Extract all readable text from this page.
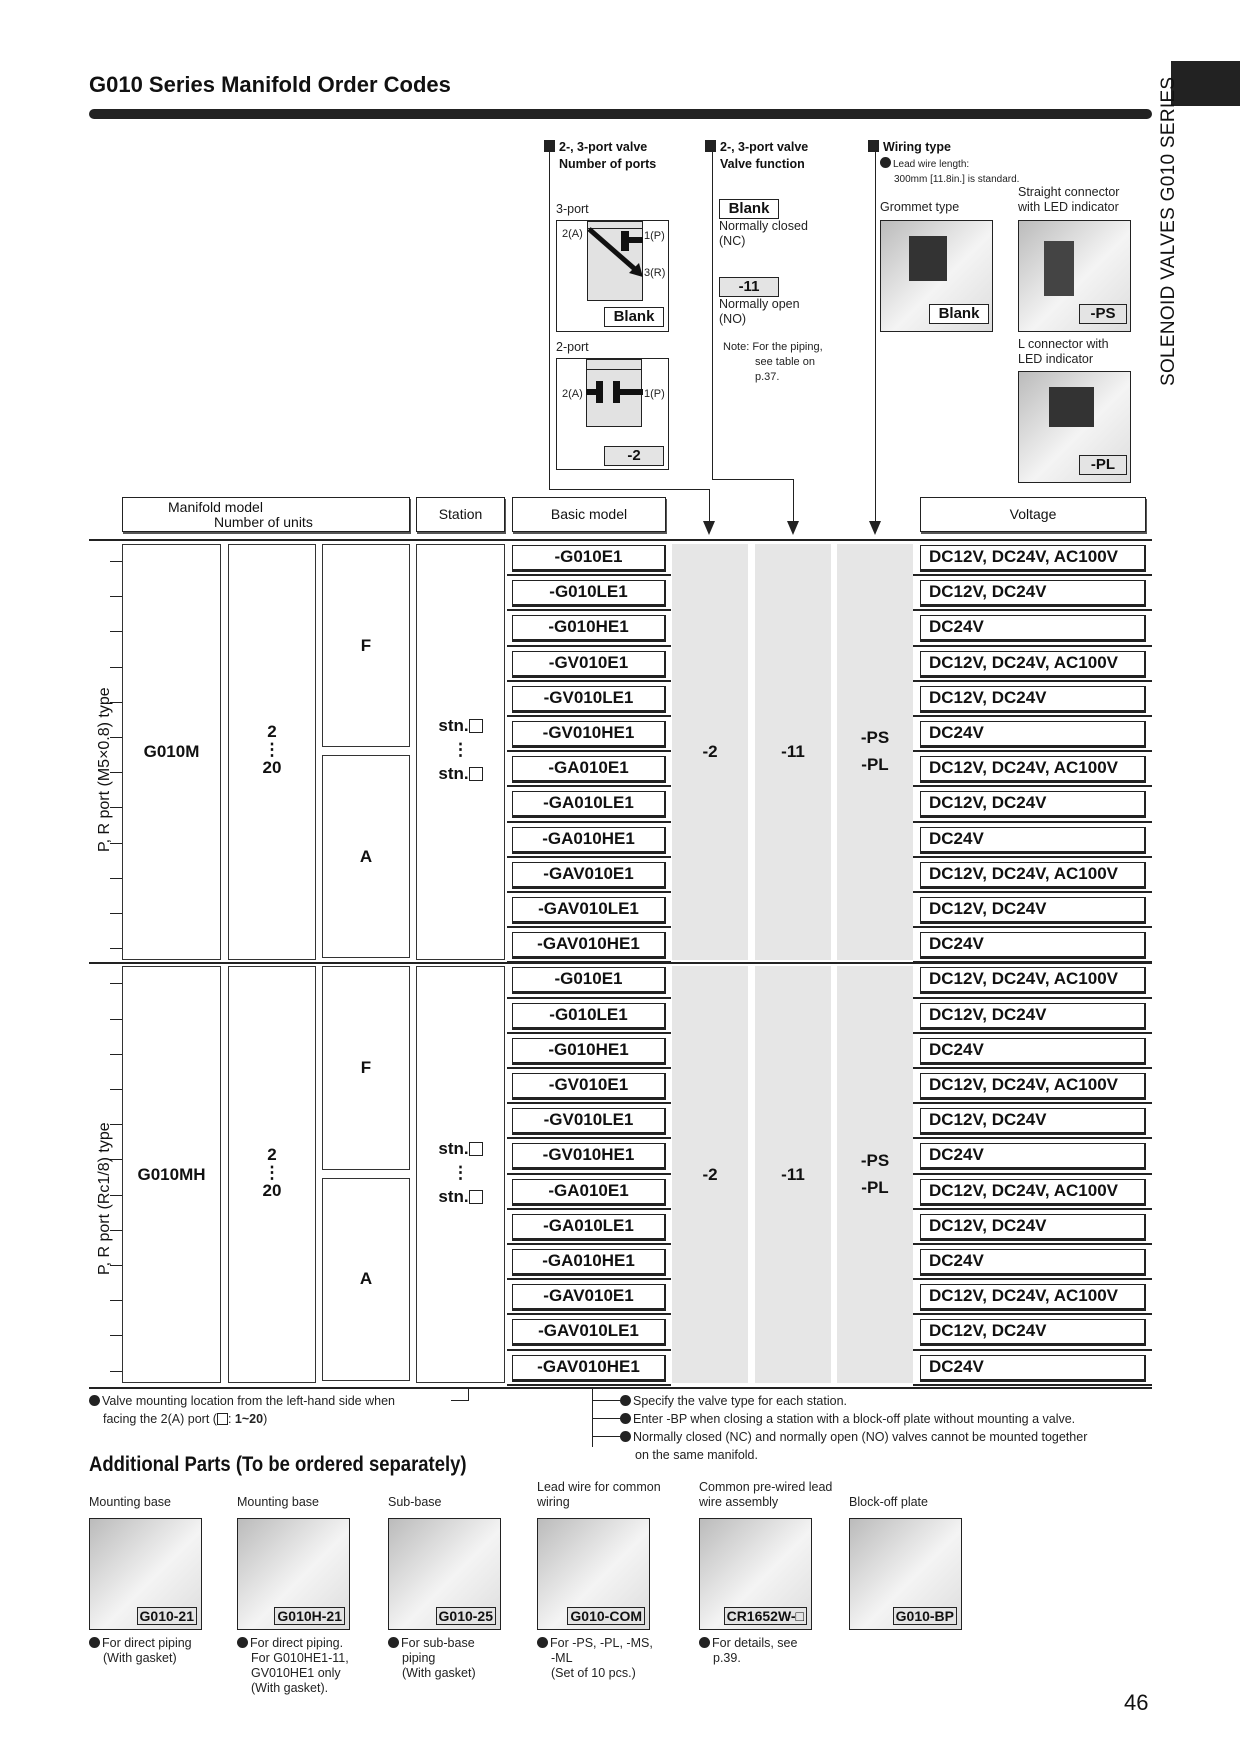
G010 Series Manifold Order Codes	SOLENOID VALVES G010 SERIES
2-, 3-port valve
Number of ports
3-port
2(A)	1(P)
3(R)
Blank
2-port
2(A)	1(P)
-2
2-, 3-port valve
Valve function
Blank
Normally closed
(NC)
-11
Normally open
(NO)
Note: For the piping,
see table on
p.37.
Wiring type
Lead wire length:
300mm [11.8in.] is standard.
Grommet type
Straight connector
with LED indicator
Blank	-PS
L connector with
LED indicator
-PL
Manifold model
Number of units	Station	Basic model	Voltage
P, R port (M5×0.8) type	G010M
2
⋮
20
F
A
stn.
⋮
stn.
-2	-11
-PS
-PL
-G010E1	DC12V, DC24V, AC100V
-G010LE1	DC12V, DC24V
-G010HE1	DC24V
-GV010E1	DC12V, DC24V, AC100V
-GV010LE1	DC12V, DC24V
-GV010HE1	DC24V
-GA010E1	DC12V, DC24V, AC100V
-GA010LE1	DC12V, DC24V
-GA010HE1	DC24V
-GAV010E1	DC12V, DC24V, AC100V
-GAV010LE1	DC12V, DC24V
-GAV010HE1	DC24V
P, R port (Rc1/8) type	G010MH
2
⋮
20
F
A
stn.
⋮
stn.
-2	-11
-PS
-PL
-G010E1	DC12V, DC24V, AC100V
-G010LE1	DC12V, DC24V
-G010HE1	DC24V
-GV010E1	DC12V, DC24V, AC100V
-GV010LE1	DC12V, DC24V
-GV010HE1	DC24V
-GA010E1	DC12V, DC24V, AC100V
-GA010LE1	DC12V, DC24V
-GA010HE1	DC24V
-GAV010E1	DC12V, DC24V, AC100V
-GAV010LE1	DC12V, DC24V
-GAV010HE1	DC24V
Valve mounting location from the left-hand side when
facing the 2(A) port ( : 1~20)
Specify the valve type for each station.
Enter -BP when closing a station with a block-off plate without mounting a valve.
Normally closed (NC) and normally open (NO) valves cannot be mounted together
on the same manifold.
Additional Parts (To be ordered separately)

Mounting base
G010-21
For direct piping
(With gasket)

Mounting base
G010H-21
For direct piping.
For G010HE1-11,
GV010HE1 only
(With gasket).

Sub-base
G010-25
For sub-base
piping
(With gasket)
Lead wire for common
wiring
G010-COM
For -PS, -PL, -MS,
-ML
(Set of 10 pcs.)
Common pre-wired lead
wire assembly
CR1652W-□
For details, see
p.39.

Block-off plate
G010-BP
46
